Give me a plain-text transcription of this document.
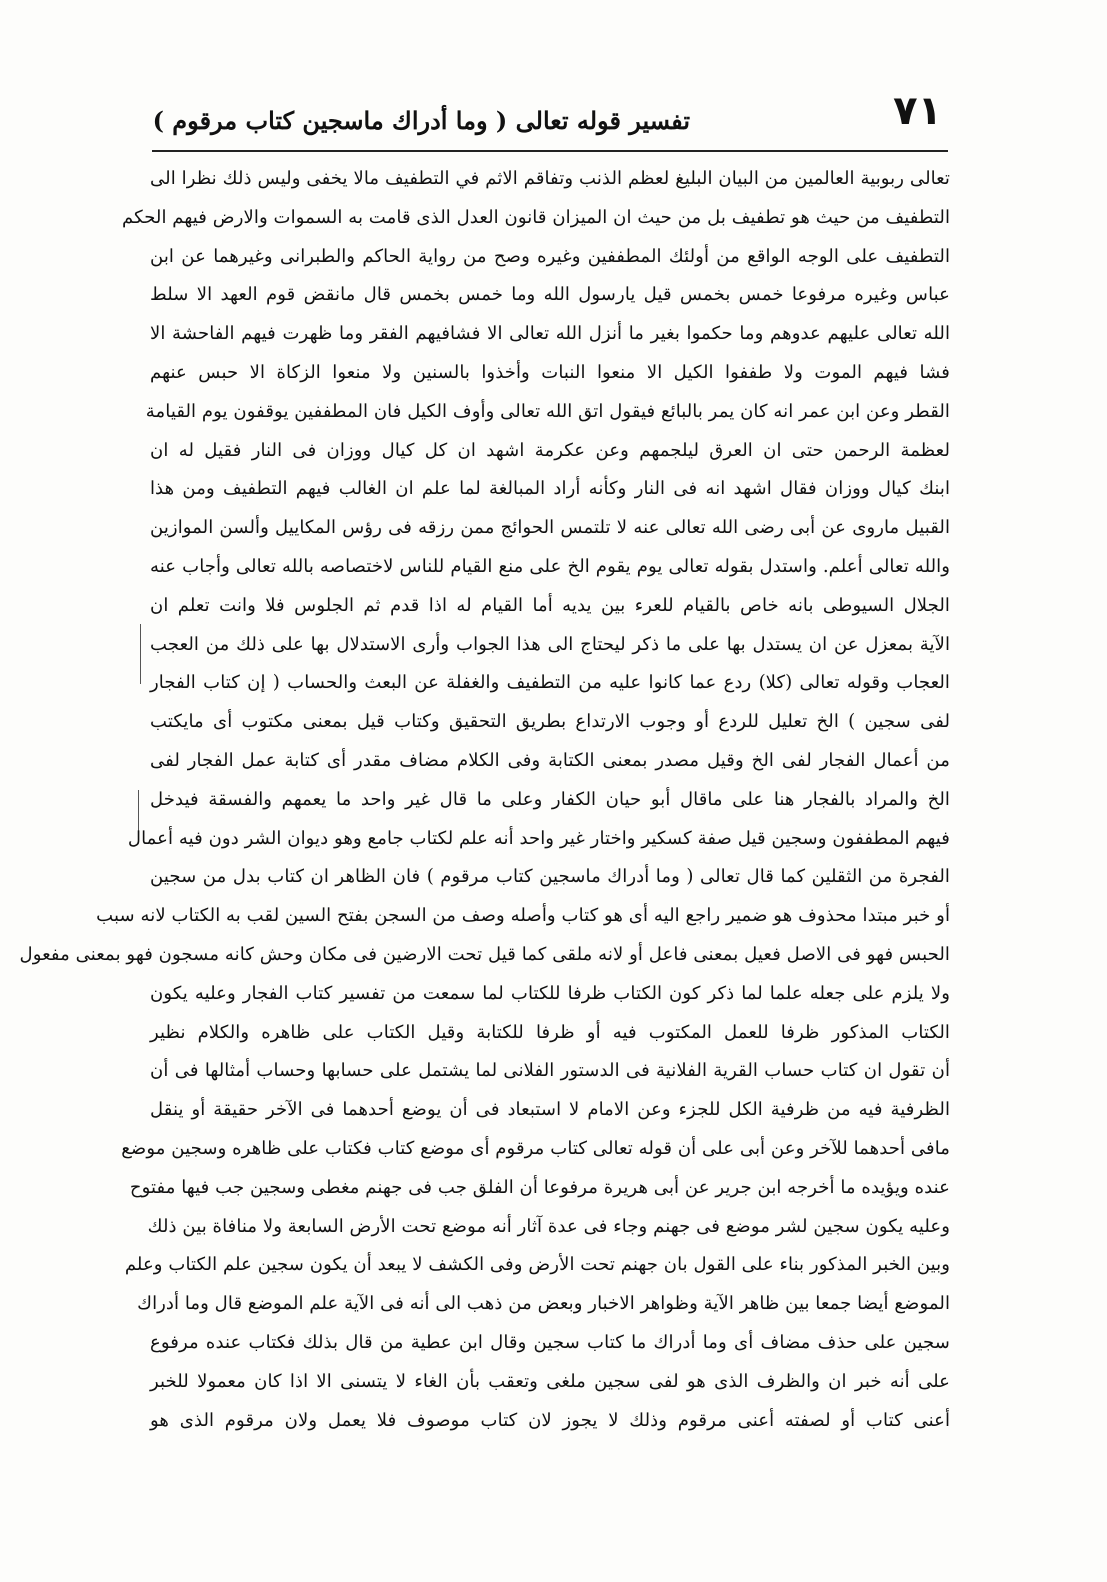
٧١
تفسير قوله تعالى ( وما أدراك ماسجين كتاب مرقوم )
تعالى ربوبية العالمين من البيان البليغ لعظم الذنب وتفاقم الاثم في التطفيف مالا يخفى وليس ذلك نظرا الى
التطفيف من حيث هو تطفيف بل من حيث ان الميزان قانون العدل الذى قامت به السموات والارض فيهم الحكم
التطفيف على الوجه الواقع من أولئك المطففين وغيره وصح من رواية الحاكم والطبرانى وغيرهما عن ابن
عباس وغيره مرفوعا خمس بخمس قيل يارسول الله وما خمس بخمس قال مانقض قوم العهد الا سلط
الله تعالى عليهم عدوهم وما حكموا بغير ما أنزل الله تعالى الا فشافيهم الفقر وما ظهرت فيهم الفاحشة الا
فشا فيهم الموت ولا طففوا الكيل الا منعوا النبات وأخذوا بالسنين ولا منعوا الزكاة الا حبس عنهم
القطر وعن ابن عمر انه كان يمر بالبائع فيقول اتق الله تعالى وأوف الكيل فان المطففين يوقفون يوم القيامة
لعظمة الرحمن حتى ان العرق ليلجمهم وعن عكرمة اشهد ان كل كيال ووزان فى النار فقيل له ان
ابنك كيال ووزان فقال اشهد انه فى النار وكأنه أراد المبالغة لما علم ان الغالب فيهم التطفيف ومن هذا
القبيل ماروى عن أبى رضى الله تعالى عنه لا تلتمس الحوائج ممن رزقه فى رؤس المكاييل وألسن الموازين
والله تعالى أعلم. واستدل بقوله تعالى يوم يقوم الخ على منع القيام للناس لاختصاصه بالله تعالى وأجاب عنه
الجلال السيوطى بانه خاص بالقيام للعرء بين يديه أما القيام له اذا قدم ثم الجلوس فلا وانت تعلم ان
الآية بمعزل عن ان يستدل بها على ما ذكر ليحتاج الى هذا الجواب وأرى الاستدلال بها على ذلك من العجب
العجاب وقوله تعالى (كلا) ردع عما كانوا عليه من التطفيف والغفلة عن البعث والحساب ( إن كتاب الفجار
لفى سجين ) الخ تعليل للردع أو وجوب الارتداع بطريق التحقيق وكتاب قيل بمعنى مكتوب أى مايكتب
من أعمال الفجار لفى الخ وقيل مصدر بمعنى الكتابة وفى الكلام مضاف مقدر أى كتابة عمل الفجار لفى
الخ والمراد بالفجار هنا على ماقال أبو حيان الكفار وعلى ما قال غير واحد ما يعمهم والفسقة فيدخل
فيهم المطففون وسجين قيل صفة كسكير واختار غير واحد أنه علم لكتاب جامع وهو ديوان الشر دون فيه أعمال
الفجرة من الثقلين كما قال تعالى ( وما أدراك ماسجين كتاب مرقوم ) فان الظاهر ان كتاب بدل من سجين
أو خبر مبتدا محذوف هو ضمير راجع اليه أى هو كتاب وأصله وصف من السجن بفتح السين لقب به الكتاب لانه سبب
الحبس فهو فى الاصل فعيل بمعنى فاعل أو لانه ملقى كما قيل تحت الارضين فى مكان وحش كانه مسجون فهو بمعنى مفعول
ولا يلزم على جعله علما لما ذكر كون الكتاب ظرفا للكتاب لما سمعت من تفسير كتاب الفجار وعليه يكون
الكتاب المذكور ظرفا للعمل المكتوب فيه أو ظرفا للكتابة وقيل الكتاب على ظاهره والكلام نظير
أن تقول ان كتاب حساب القرية الفلانية فى الدستور الفلانى لما يشتمل على حسابها وحساب أمثالها فى أن
الظرفية فيه من ظرفية الكل للجزء وعن الامام لا استبعاد فى أن يوضع أحدهما فى الآخر حقيقة أو ينقل
مافى أحدهما للآخر وعن أبى على أن قوله تعالى كتاب مرقوم أى موضع كتاب فكتاب على ظاهره وسجين موضع
عنده ويؤيده ما أخرجه ابن جرير عن أبى هريرة مرفوعا أن الفلق جب فى جهنم مغطى وسجين جب فيها مفتوح
وعليه يكون سجين لشر موضع فى جهنم وجاء فى عدة آثار أنه موضع تحت الأرض السابعة ولا منافاة بين ذلك
وبين الخبر المذكور بناء على القول بان جهنم تحت الأرض وفى الكشف لا يبعد أن يكون سجين علم الكتاب وعلم
الموضع أيضا جمعا بين ظاهر الآية وظواهر الاخبار وبعض من ذهب الى أنه فى الآية علم الموضع قال وما أدراك
سجين على حذف مضاف أى وما أدراك ما كتاب سجين وقال ابن عطية من قال بذلك فكتاب عنده مرفوع
على أنه خبر ان والظرف الذى هو لفى سجين ملغى وتعقب بأن الغاء لا يتسنى الا اذا كان معمولا للخبر
أعنى كتاب أو لصفته أعنى مرقوم وذلك لا يجوز لان كتاب موصوف فلا يعمل ولان مرقوم الذى هو
